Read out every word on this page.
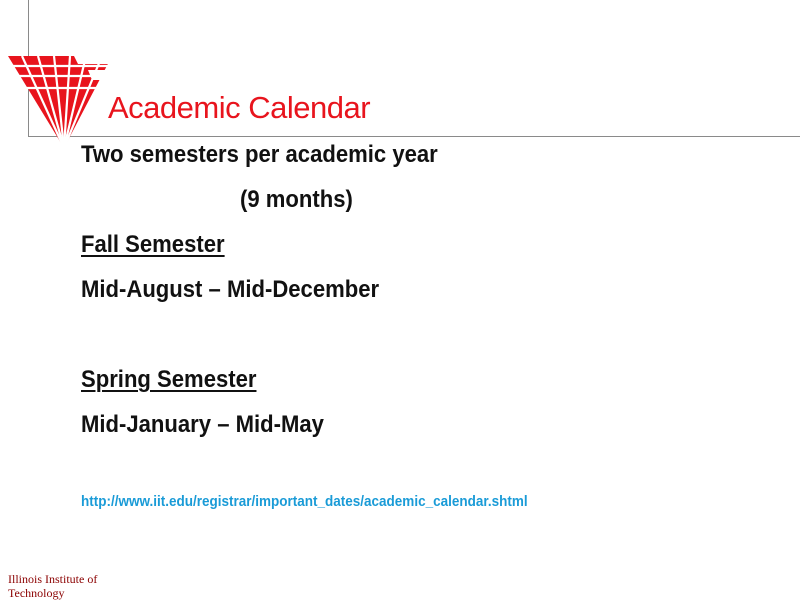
Academic Calendar
Two semesters per academic year
(9 months)
Fall Semester
Mid-August – Mid-December
Spring Semester
Mid-January – Mid-May
http://www.iit.edu/registrar/important_dates/academic_calendar.shtml
Illinois Institute of Technology
